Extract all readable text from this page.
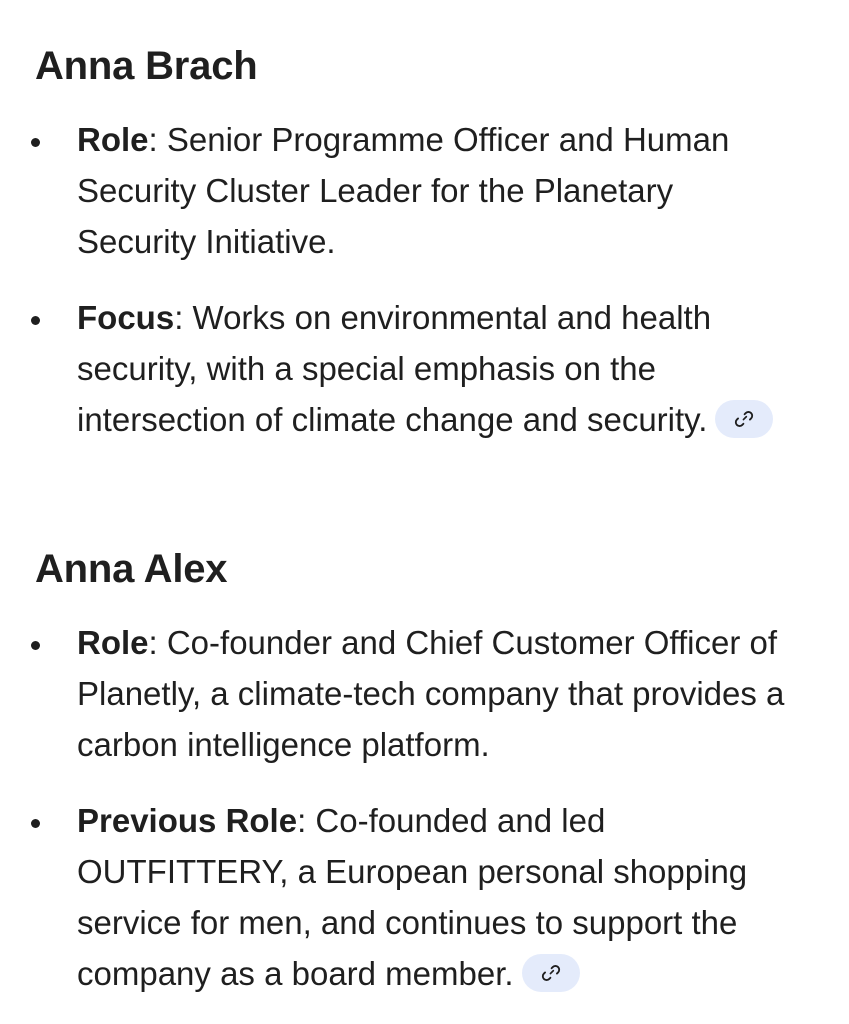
Anna Brach
Role: Senior Programme Officer and Human Security Cluster Leader for the Planetary Security Initiative.
Focus: Works on environmental and health security, with a special emphasis on the intersection of climate change and security.
Anna Alex
Role: Co-founder and Chief Customer Officer of Planetly, a climate-tech company that provides a carbon intelligence platform.
Previous Role: Co-founded and led OUTFITTERY, a European personal shopping service for men, and continues to support the company as a board member.
